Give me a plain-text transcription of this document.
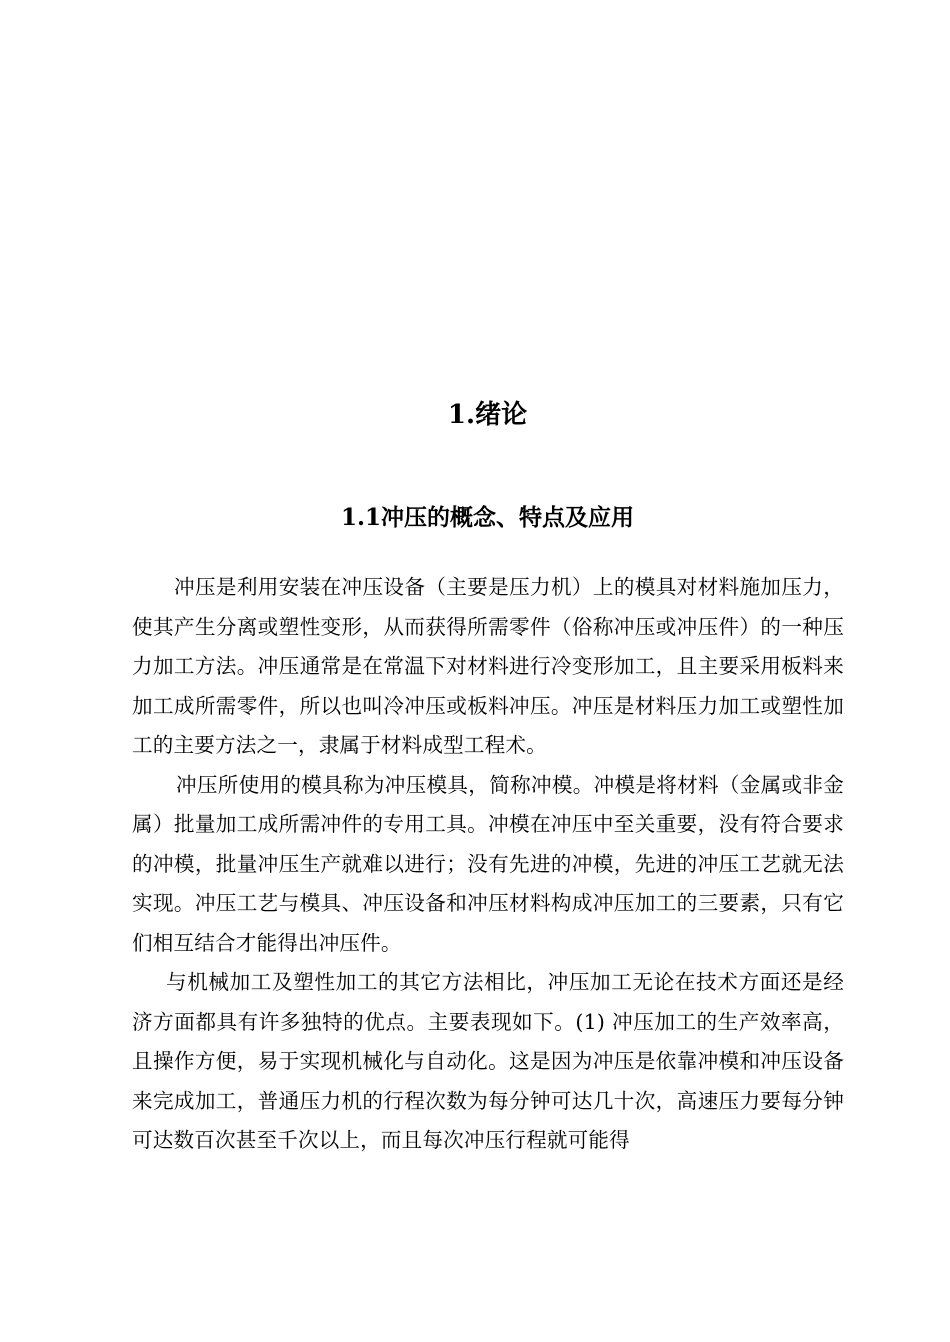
1.绪论
1.1冲压的概念、特点及应用

冲压是利用安装在冲压设备（主要是压力机）上的模具对材料施加压力，使其产生分离或塑性变形，从而获得所需零件（俗称冲压或冲压件）的一种压力加工方法。冲压通常是在常温下对材料进行冷变形加工，且主要采用板料来加工成所需零件，所以也叫冷冲压或板料冲压。冲压是材料压力加工或塑性加工的主要方法之一，隶属于材料成型工程术。

冲压所使用的模具称为冲压模具，简称冲模。冲模是将材料（金属或非金属）批量加工成所需冲件的专用工具。冲模在冲压中至关重要，没有符合要求的冲模，批量冲压生产就难以进行；没有先进的冲模，先进的冲压工艺就无法实现。冲压工艺与模具、冲压设备和冲压材料构成冲压加工的三要素，只有它们相互结合才能得出冲压件。

与机械加工及塑性加工的其它方法相比，冲压加工无论在技术方面还是经济方面都具有许多独特的优点。主要表现如下。(1) 冲压加工的生产效率高，且操作方便，易于实现机械化与自动化。这是因为冲压是依靠冲模和冲压设备来完成加工，普通压力机的行程次数为每分钟可达几十次，高速压力要每分钟可达数百次甚至千次以上，而且每次冲压行程就可能得
